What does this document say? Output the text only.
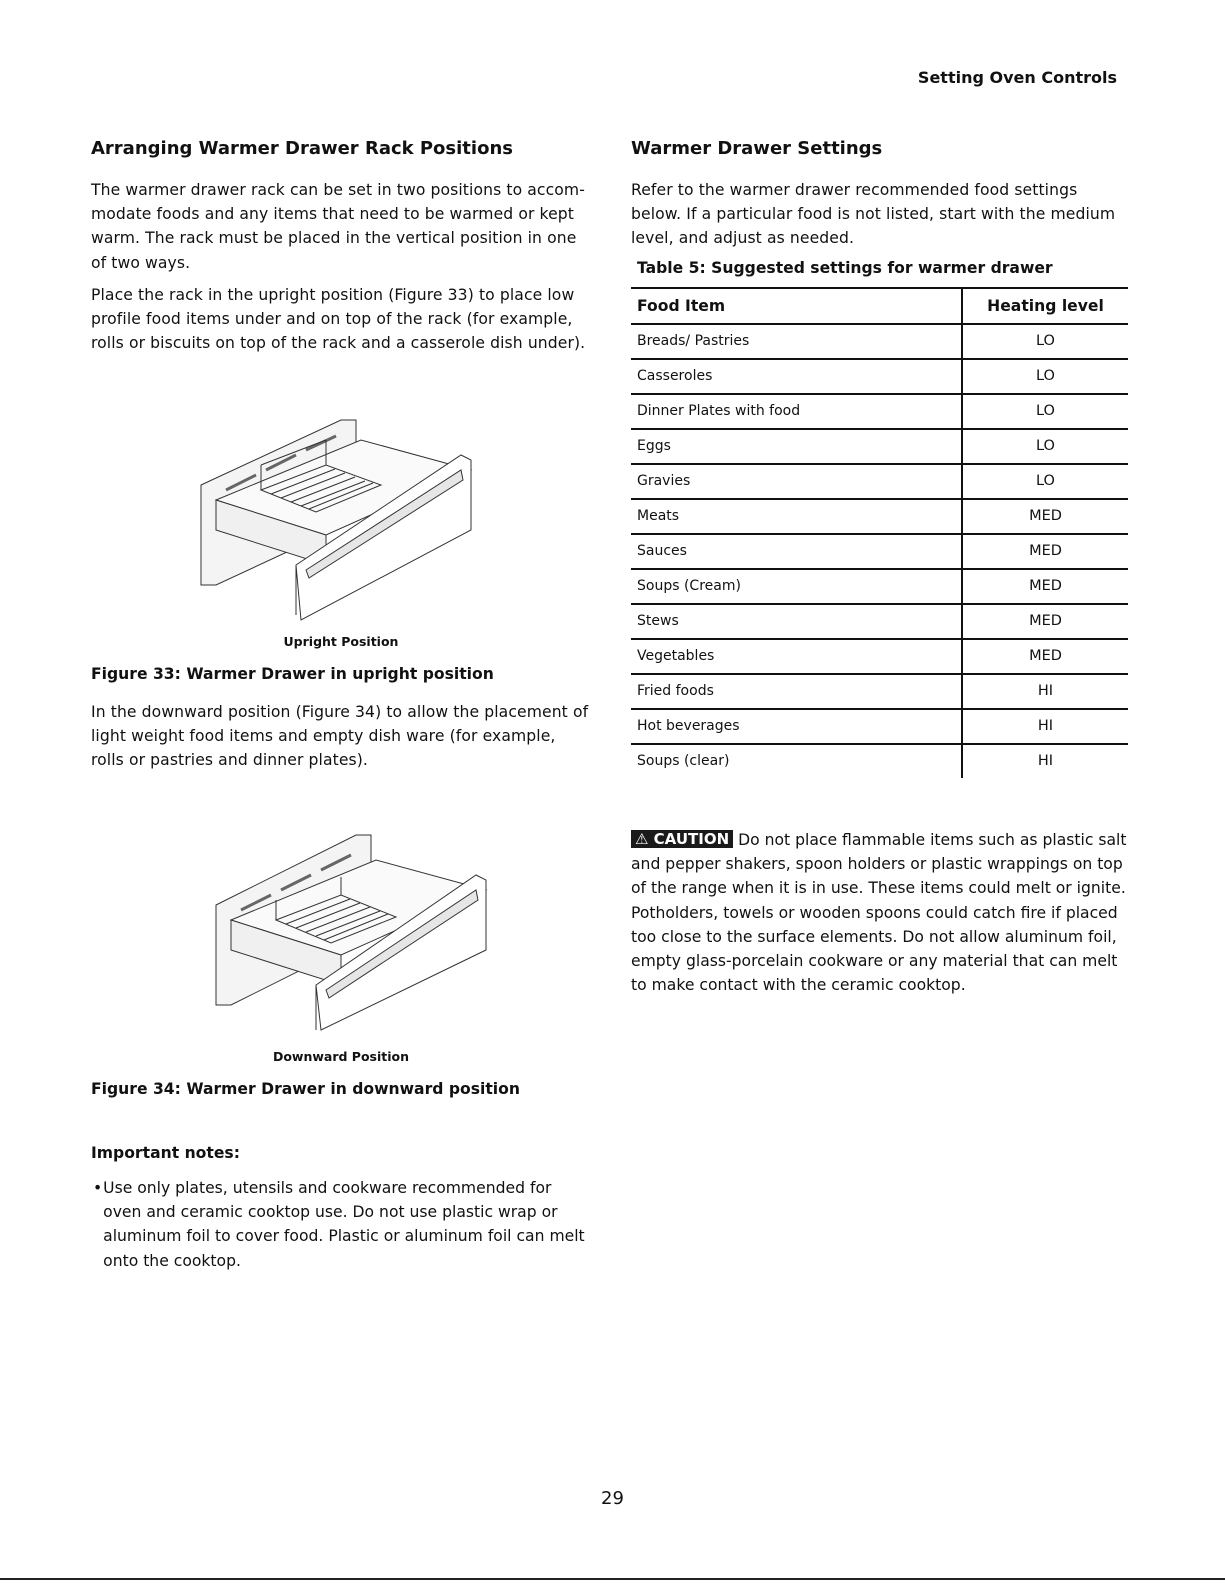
Setting Oven Controls
Arranging Warmer Drawer Rack Positions

The warmer drawer rack can be set in two positions to accom-modate foods and any items that need to be warmed or kept warm. The rack must be placed in the vertical position in one of two ways.

Place the rack in the upright position (Figure 33) to place low profile food items under and on top of the rack (for example, rolls or biscuits on top of the rack and a casserole dish under).

Upright Position
Figure 33: Warmer Drawer in upright position

In the downward position (Figure 34) to allow the placement of light weight food items and empty dish ware (for example, rolls or pastries and dinner plates).

Downward Position
Figure 34: Warmer Drawer in downward position
Important notes:
• Use only plates, utensils and cookware recommended for oven and ceramic cooktop use. Do not use plastic wrap or aluminum foil to cover food. Plastic or aluminum foil can melt onto the cooktop.
Warmer Drawer Settings

Refer to the warmer drawer recommended food settings below. If a particular food is not listed, start with the medium level, and adjust as needed.

Table 5: Suggested settings for warmer drawer
Food Item	Heating level
Breads/ Pastries	LO
Casseroles	LO
Dinner Plates with food	LO
Eggs	LO
Gravies	LO
Meats	MED
Sauces	MED
Soups (Cream)	MED
Stews	MED
Vegetables	MED
Fried foods	HI
Hot beverages	HI
Soups (clear)	HI
⚠ CAUTION Do not place flammable items such as plastic salt and pepper shakers, spoon holders or plastic wrappings on top of the range when it is in use. These items could melt or ignite. Potholders, towels or wooden spoons could catch fire if placed too close to the surface elements. Do not allow aluminum foil, empty glass-porcelain cookware or any material that can melt to make contact with the ceramic cooktop.
29
